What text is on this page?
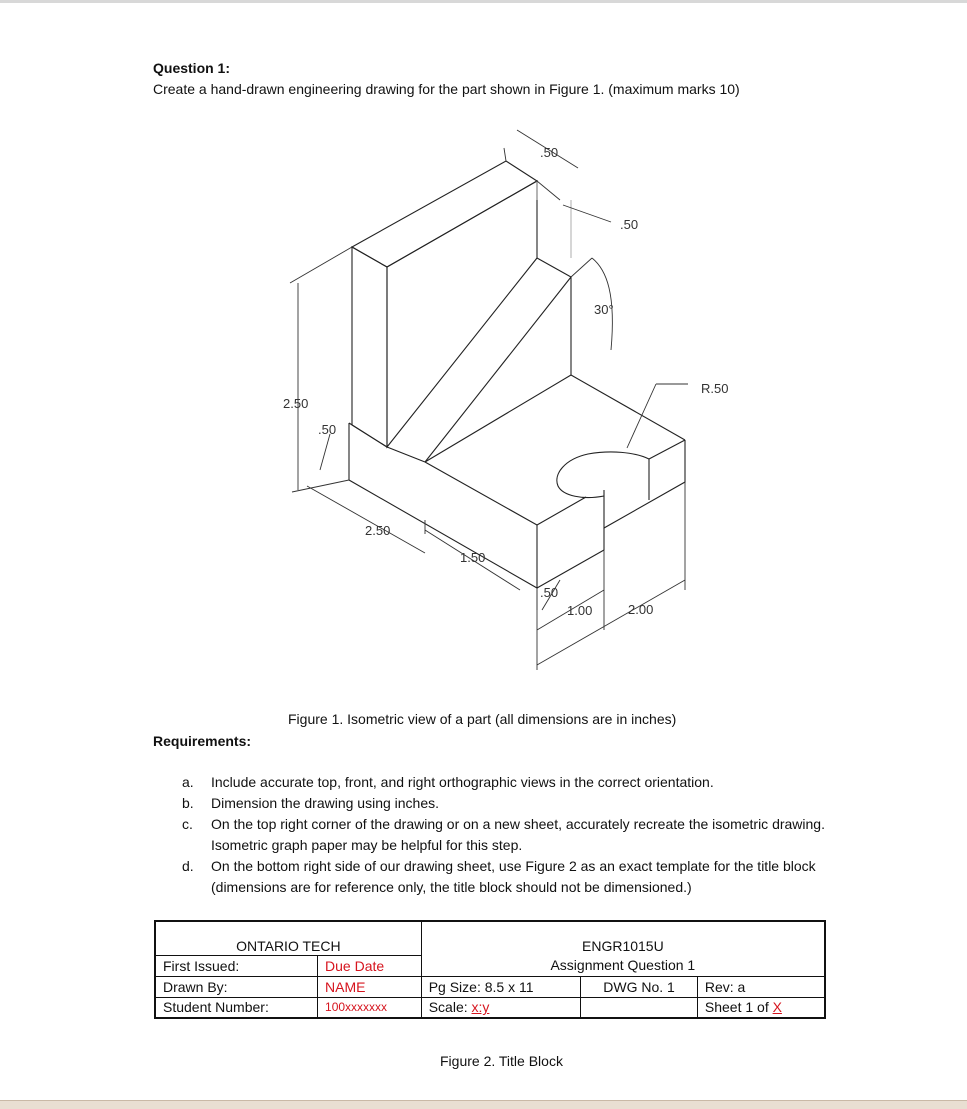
Question 1:
Create a hand-drawn engineering drawing for the part shown in Figure 1. (maximum marks 10)
.50
.50
30°
R.50
2.50
.50
2.50
1.50
.50
1.00	2.00
Figure 1. Isometric view of a part (all dimensions are in inches)
Requirements:
a. Include accurate top, front, and right orthographic views in the correct orientation.
b. Dimension the drawing using inches.
c. On the top right corner of the drawing or on a new sheet, accurately recreate the isometric drawing. Isometric graph paper may be helpful for this step.
d. On the bottom right side of our drawing sheet, use Figure 2 as an exact template for the title block (dimensions are for reference only, the title block should not be dimensioned.)
ONTARIO TECH		ENGR1015U		
First Issued:	Due Date	Assignment Question 1		
Drawn By:	NAME	Pg Size: 8.5 x 11	DWG No. 1	Rev: a
Student Number:	100xxxxxxx	Scale: x:y		Sheet 1 of X
Figure 2. Title Block
